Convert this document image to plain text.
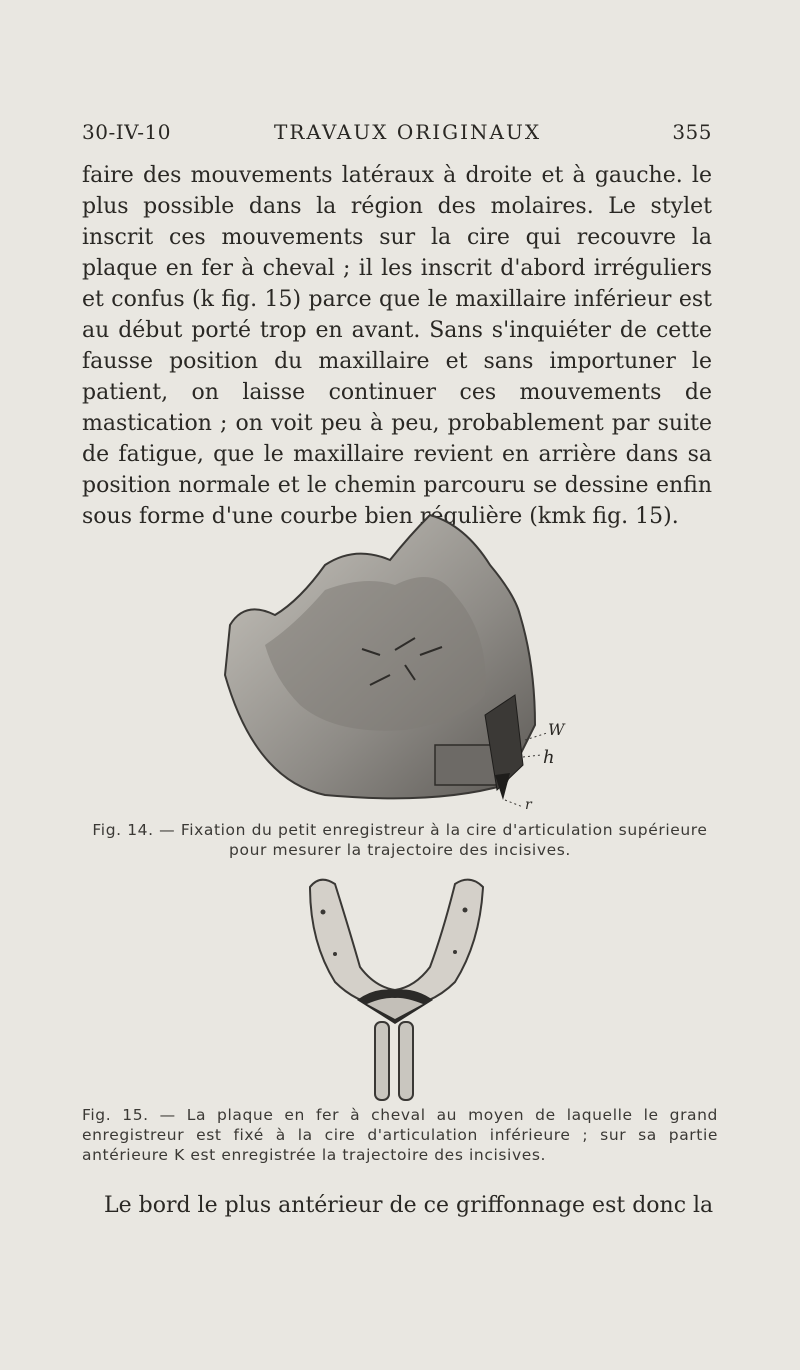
30-IV-10	TRAVAUX ORIGINAUX	355

faire des mouvements latéraux à droite et à gauche. le plus possible dans la région des molaires. Le stylet inscrit ces mouvements sur la cire qui recouvre la plaque en fer à cheval ; il les inscrit d'abord irréguliers et confus (k fig. 15) parce que le maxillaire inférieur est au début porté trop en avant. Sans s'inquiéter de cette fausse position du maxillaire et sans importuner le patient, on laisse continuer ces mouvements de mastication ; on voit peu à peu, probablement par suite de fatigue, que le maxillaire revient en arrière dans sa position normale et le chemin parcouru se dessine enfin sous forme d'une courbe bien régulière (kmk fig. 15).

W
h
r
Fig. 14. — Fixation du petit enregistreur à la cire d'articulation supérieure pour mesurer la trajectoire des incisives.
Fig. 15. — La plaque en fer à cheval au moyen de laquelle le grand enregistreur est fixé à la cire d'articulation inférieure ; sur sa partie antérieure K est enregistrée la trajectoire des incisives.
Le bord le plus antérieur de ce griffonnage est donc la
